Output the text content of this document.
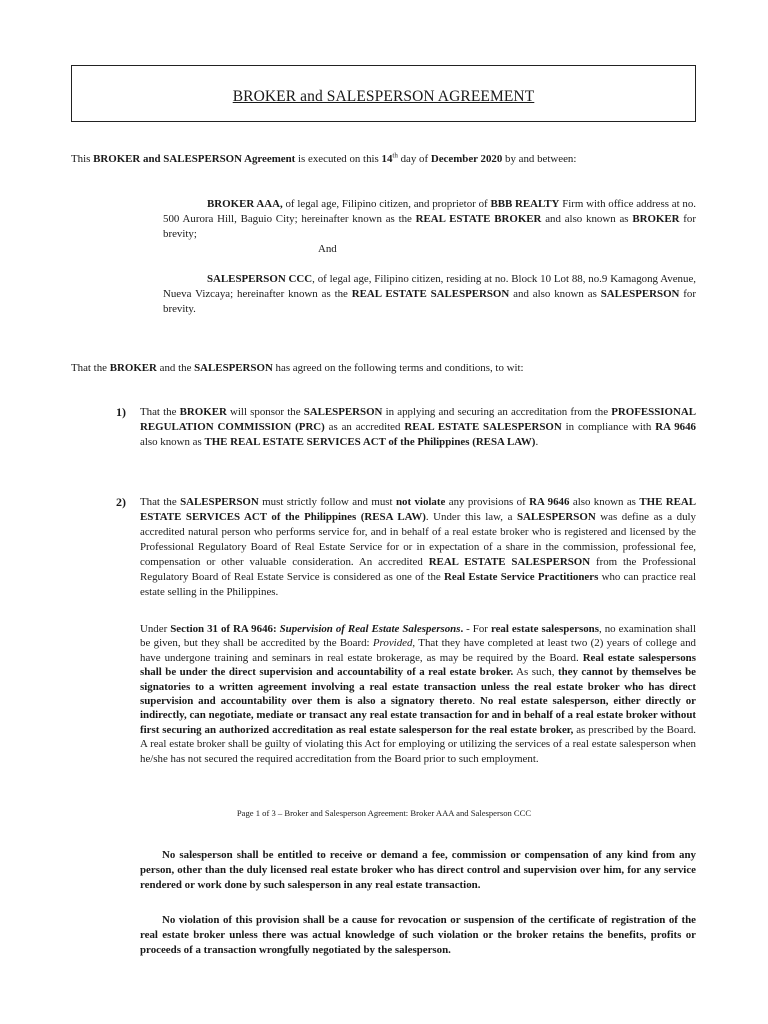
BROKER and SALESPERSON AGREEMENT

This BROKER and SALESPERSON Agreement is executed on this 14th day of December 2020 by and between:

BROKER AAA, of legal age, Filipino citizen, and proprietor of BBB REALTY Firm with office address at no. 500 Aurora Hill, Baguio City; hereinafter known as the REAL ESTATE BROKER and also known as BROKER for brevity;

And

SALESPERSON CCC, of legal age, Filipino citizen, residing at no. Block 10 Lot 88, no.9 Kamagong Avenue, Nueva Vizcaya; hereinafter known as the REAL ESTATE SALESPERSON and also known as SALESPERSON for brevity.

That the BROKER and the SALESPERSON has agreed on the following terms and conditions, to wit:

1) That the BROKER will sponsor the SALESPERSON in applying and securing an accreditation from the PROFESSIONAL REGULATION COMMISSION (PRC) as an accredited REAL ESTATE SALESPERSON in compliance with RA 9646 also known as THE REAL ESTATE SERVICES ACT of the Philippines (RESA LAW).

2) That the SALESPERSON must strictly follow and must not violate any provisions of RA 9646 also known as THE REAL ESTATE SERVICES ACT of the Philippines (RESA LAW). Under this law, a SALESPERSON was define as a duly accredited natural person who performs service for, and in behalf of a real estate broker who is registered and licensed by the Professional Regulatory Board of Real Estate Service for or in expectation of a share in the commission, professional fee, compensation or other valuable consideration. An accredited REAL ESTATE SALESPERSON from the Professional Regulatory Board of Real Estate Service is considered as one of the Real Estate Service Practitioners who can practice real estate selling in the Philippines.

Under Section 31 of RA 9646: Supervision of Real Estate Salespersons. - For real estate salespersons, no examination shall be given, but they shall be accredited by the Board: Provided, That they have completed at least two (2) years of college and have undergone training and seminars in real estate brokerage, as may be required by the Board. Real estate salespersons shall be under the direct supervision and accountability of a real estate broker. As such, they cannot by themselves be signatories to a written agreement involving a real estate transaction unless the real estate broker who has direct supervision and accountability over them is also a signatory thereto. No real estate salesperson, either directly or indirectly, can negotiate, mediate or transact any real estate transaction for and in behalf of a real estate broker without first securing an authorized accreditation as real estate salesperson for the real estate broker, as prescribed by the Board. A real estate broker shall be guilty of violating this Act for employing or utilizing the services of a real estate salesperson when he/she has not secured the required accreditation from the Board prior to such employment.

Page 1 of 3 – Broker and Salesperson Agreement: Broker AAA and Salesperson CCC

No salesperson shall be entitled to receive or demand a fee, commission or compensation of any kind from any person, other than the duly licensed real estate broker who has direct control and supervision over him, for any service rendered or work done by such salesperson in any real estate transaction.

No violation of this provision shall be a cause for revocation or suspension of the certificate of registration of the real estate broker unless there was actual knowledge of such violation or the broker retains the benefits, profits or proceeds of a transaction wrongfully negotiated by the salesperson.
